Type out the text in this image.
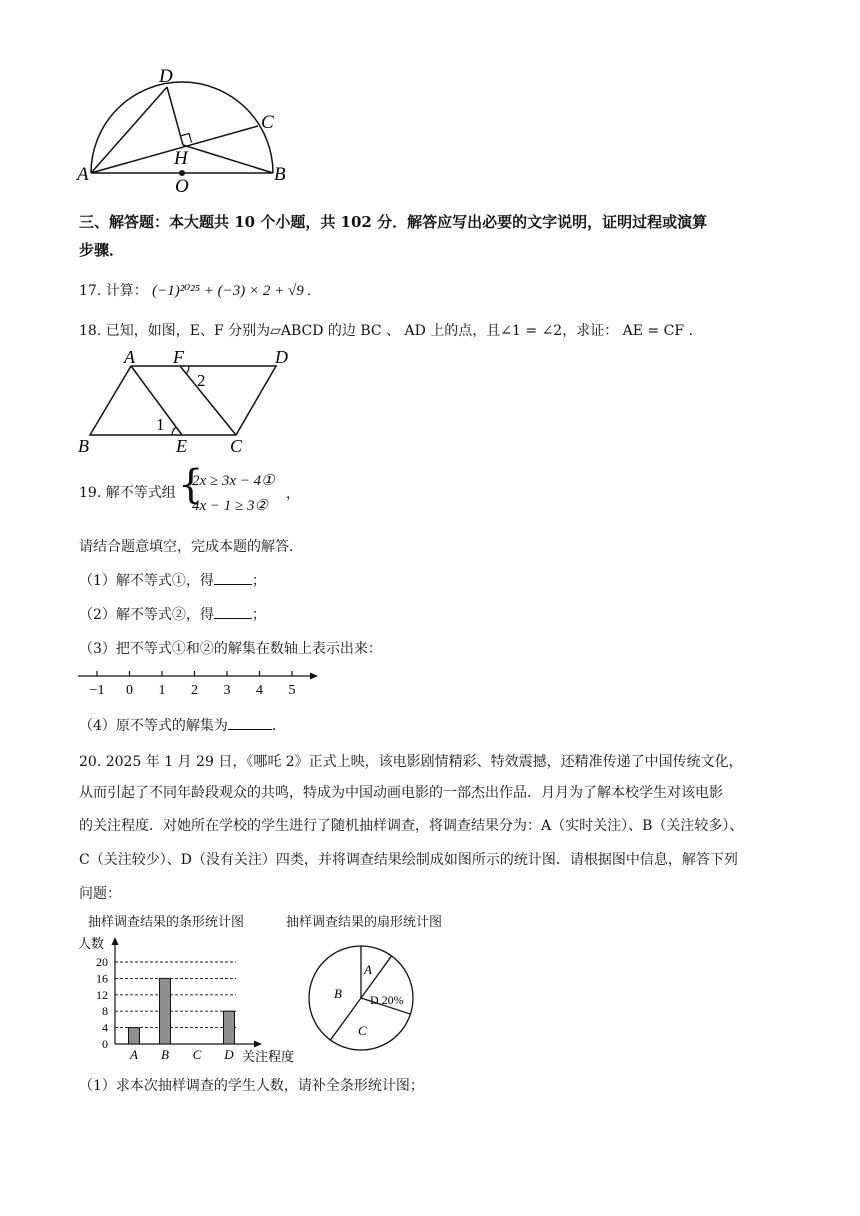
D
C
H
A
O
B
三、解答题：本大题共 10 个小题，共 102 分．解答应写出必要的文字说明，证明过程或演算
步骤．
17. 计算： (−1)²⁰²⁵ + (−3) × 2 + √9 .
18. 已知，如图，E、F 分别为▱ABCD 的边 BC 、 AD 上的点，且∠1 = ∠2，求证： AE = CF .
A F	D
2
1
B	E C
19. 解不等式组 {
2x ≥ 3x − 4①
4x − 1 ≥ 3②
，
请结合题意填空，完成本题的解答．
（1）解不等式①，得	；
（2）解不等式②，得	；
（3）把不等式①和②的解集在数轴上表示出来：
−1 0 1 2 3 4 5
（4）原不等式的解集为	．
20. 2025 年 1 月 29 日，《哪吒 2》正式上映，该电影剧情精彩、特效震撼，还精准传递了中国传统文化，
从而引起了不同年龄段观众的共鸣，特成为中国动画电影的一部杰出作品．月月为了解本校学生对该电影
的关注程度．对她所在学校的学生进行了随机抽样调查，将调查结果分为：A（实时关注）、B（关注较多）、
C（关注较少）、D（没有关注）四类，并将调查结果绘制成如图所示的统计图．请根据图中信息，解答下列
问题：
抽样调查结果的条形统计图	抽样调查结果的扇形统计图
人数
0
4
8
12
16
20
A B C D 关注程度
A
B
C
D 20%
（1）求本次抽样调查的学生人数，请补全条形统计图；
